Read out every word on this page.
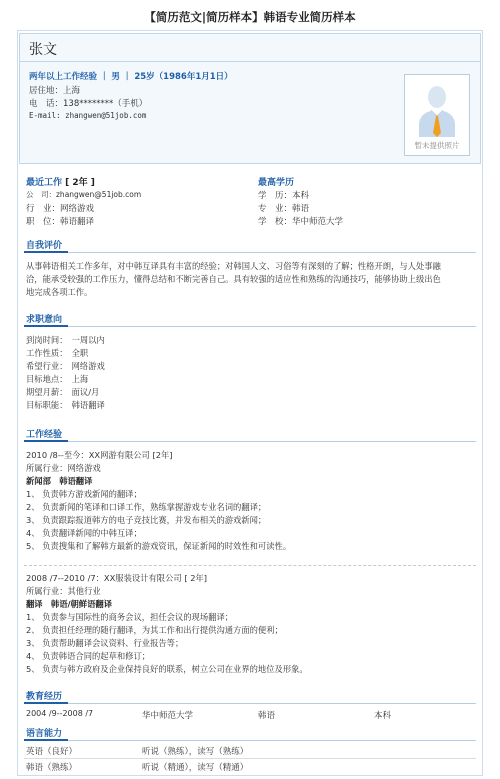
【简历范文|简历样本】韩语专业简历样本
张文
两年以上工作经验 ｜ 男 ｜ 25岁（1986年1月1日）
居住地：上海
电　话：138********（手机）
E-mail: zhangwen@51job.com
暂未提供照片
最近工作 [ 2年 ]
公　司：zhangwen@51job.com
行　业：网络游戏
职　位：韩语翻译
最高学历
学　历：本科
专　业：韩语
学　校：华中师范大学
自我评价
从事韩语相关工作多年，对中韩互译具有丰富的经验；对韩国人文、习俗等有深刻的了解；性格开朗，与人处事融
洽，能承受较强的工作压力，懂得总结和不断完善自己。具有较强的适应性和熟练的沟通技巧，能够协助上级出色
地完成各项工作。
求职意向
到岗时间：　一周以内
工作性质：　全职
希望行业：　网络游戏
目标地点：　上海
期望月薪：　面议/月
目标职能：　韩语翻译
工作经验
2010 /8--至今：XX网游有限公司 [2年]
所属行业：网络游戏
新闻部　韩语翻译
1、 负责韩方游戏新闻的翻译；
2、 负责新闻的笔译和口译工作，熟练掌握游戏专业名词的翻译；
3、 负责跟踪报道韩方的电子竞技比赛，并发布相关的游戏新闻；
4、 负责翻译新闻的中韩互译；
5、 负责搜集和了解韩方最新的游戏资讯，保证新闻的时效性和可读性。
2008 /7--2010 /7：XX服装设计有限公司 [ 2年]
所属行业：其他行业
翻译　韩语/朝鲜语翻译
1、 负责参与国际性的商务会议，担任会议的现场翻译；
2、 负责担任经理的随行翻译，为其工作和出行提供沟通方面的便利；
3、 负责帮助翻译会议资料、行业报告等；
4、 负责韩语合同的起草和修订；
5、 负责与韩方政府及企业保持良好的联系，树立公司在业界的地位及形象。
教育经历
2004 /9--2008 /7	华中师范大学	韩语	本科
语言能力
英语（良好）	听说（熟练），读写（熟练）
韩语（熟练）	听说（精通），读写（精通）
